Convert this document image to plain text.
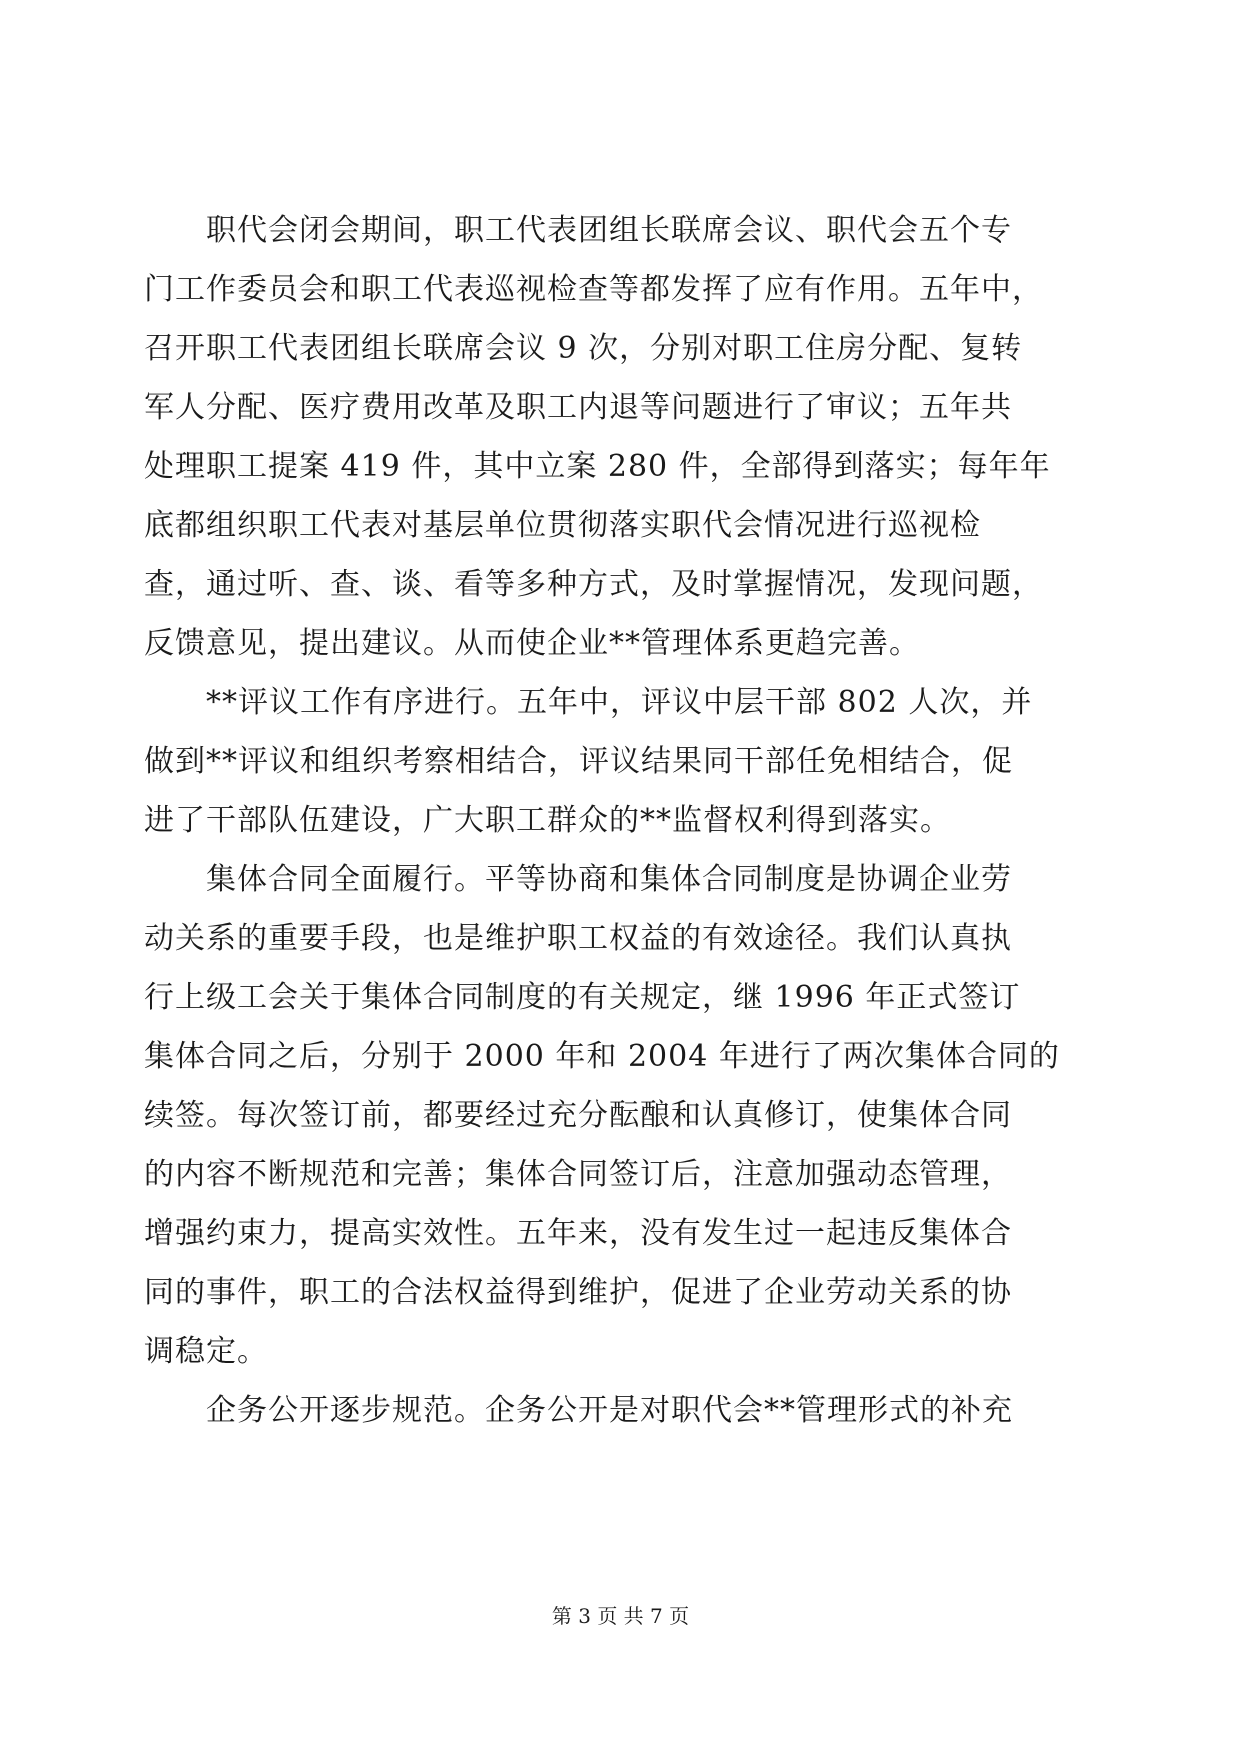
职代会闭会期间，职工代表团组长联席会议、职代会五个专
门工作委员会和职工代表巡视检查等都发挥了应有作用。五年中，
召开职工代表团组长联席会议 9 次，分别对职工住房分配、复转
军人分配、医疗费用改革及职工内退等问题进行了审议；五年共
处理职工提案 419 件，其中立案 280 件，全部得到落实；每年年
底都组织职工代表对基层单位贯彻落实职代会情况进行巡视检
查，通过听、查、谈、看等多种方式，及时掌握情况，发现问题，
反馈意见，提出建议。从而使企业**管理体系更趋完善。
**评议工作有序进行。五年中，评议中层干部 802 人次，并
做到**评议和组织考察相结合，评议结果同干部任免相结合，促
进了干部队伍建设，广大职工群众的**监督权利得到落实。
集体合同全面履行。平等协商和集体合同制度是协调企业劳
动关系的重要手段，也是维护职工权益的有效途径。我们认真执
行上级工会关于集体合同制度的有关规定，继 1996 年正式签订
集体合同之后，分别于 2000 年和 2004 年进行了两次集体合同的
续签。每次签订前，都要经过充分酝酿和认真修订，使集体合同
的内容不断规范和完善；集体合同签订后，注意加强动态管理，
增强约束力，提高实效性。五年来，没有发生过一起违反集体合
同的事件，职工的合法权益得到维护，促进了企业劳动关系的协
调稳定。
企务公开逐步规范。企务公开是对职代会**管理形式的补充
第 3 页 共 7 页
